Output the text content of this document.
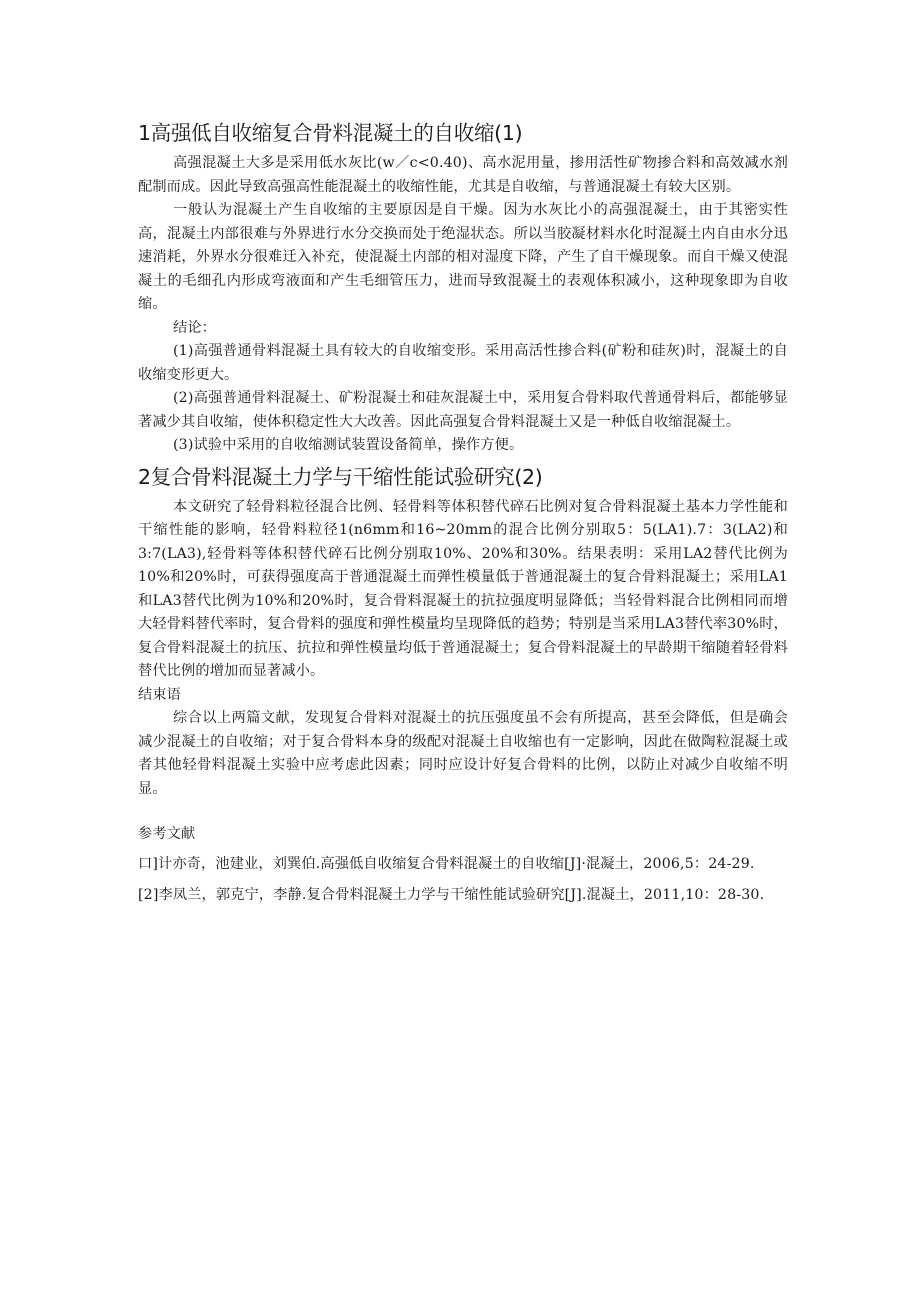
1高强低自收缩复合骨料混凝土的自收缩(1)

高强混凝土大多是采用低水灰比(w／c<0.40)、高水泥用量，掺用活性矿物掺合料和高效减水剂配制而成。因此导致高强高性能混凝土的收缩性能，尤其是自收缩，与普通混凝土有较大区别。

一般认为混凝土产生自收缩的主要原因是自干燥。因为水灰比小的高强混凝土，由于其密实性高，混凝土内部很难与外界进行水分交换而处于绝湿状态。所以当胶凝材料水化时混凝土内自由水分迅速消耗，外界水分很难迁入补充，使混凝土内部的相对湿度下降，产生了自干燥现象。而自干燥又使混凝土的毛细孔内形成弯液面和产生毛细管压力，进而导致混凝土的表观体积减小，这种现象即为自收缩。

结论：

(1)高强普通骨料混凝土具有较大的自收缩变形。采用高活性掺合料(矿粉和硅灰)时，混凝土的自收缩变形更大。

(2)高强普通骨料混凝土、矿粉混凝土和硅灰混凝土中，采用复合骨料取代普通骨料后，都能够显著减少其自收缩，使体积稳定性大大改善。因此高强复合骨料混凝土又是一种低自收缩混凝土。

(3)试验中采用的自收缩测试装置设备简单，操作方便。

2复合骨料混凝土力学与干缩性能试验研究(2)

本文研究了轻骨料粒径混合比例、轻骨料等体积替代碎石比例对复合骨料混凝土基本力学性能和干缩性能的影响，轻骨料粒径1(n6mm和16~20mm的混合比例分别取5：5(LA1).7：3(LA2)和3:7(LA3),轻骨料等体积替代碎石比例分别取10%、20%和30%。结果表明：采用LA2替代比例为10%和20%时，可获得强度高于普通混凝土而弹性模量低于普通混凝土的复合骨料混凝土；采用LA1和LA3替代比例为10%和20%时，复合骨料混凝土的抗拉强度明显降低；当轻骨料混合比例相同而增大轻骨料替代率时，复合骨料的强度和弹性模量均呈现降低的趋势；特别是当采用LA3替代率30%时，复合骨料混凝土的抗压、抗拉和弹性模量均低于普通混凝土；复合骨料混凝土的早龄期干缩随着轻骨料替代比例的增加而显著减小。

结束语

综合以上两篇文献，发现复合骨料对混凝土的抗压强度虽不会有所提高，甚至会降低，但是确会减少混凝土的自收缩；对于复合骨料本身的级配对混凝土自收缩也有一定影响，因此在做陶粒混凝土或者其他轻骨料混凝土实验中应考虑此因素；同时应设计好复合骨料的比例，以防止对减少自收缩不明显。

参考文献

口]计亦奇，池建业，刘巽伯.高强低自收缩复合骨料混凝土的自收缩[J]·混凝土，2006,5：24-29.

[2]李凤兰，郭克宁，李静.复合骨料混凝土力学与干缩性能试验研究[J].混凝土，2011,10：28-30.
